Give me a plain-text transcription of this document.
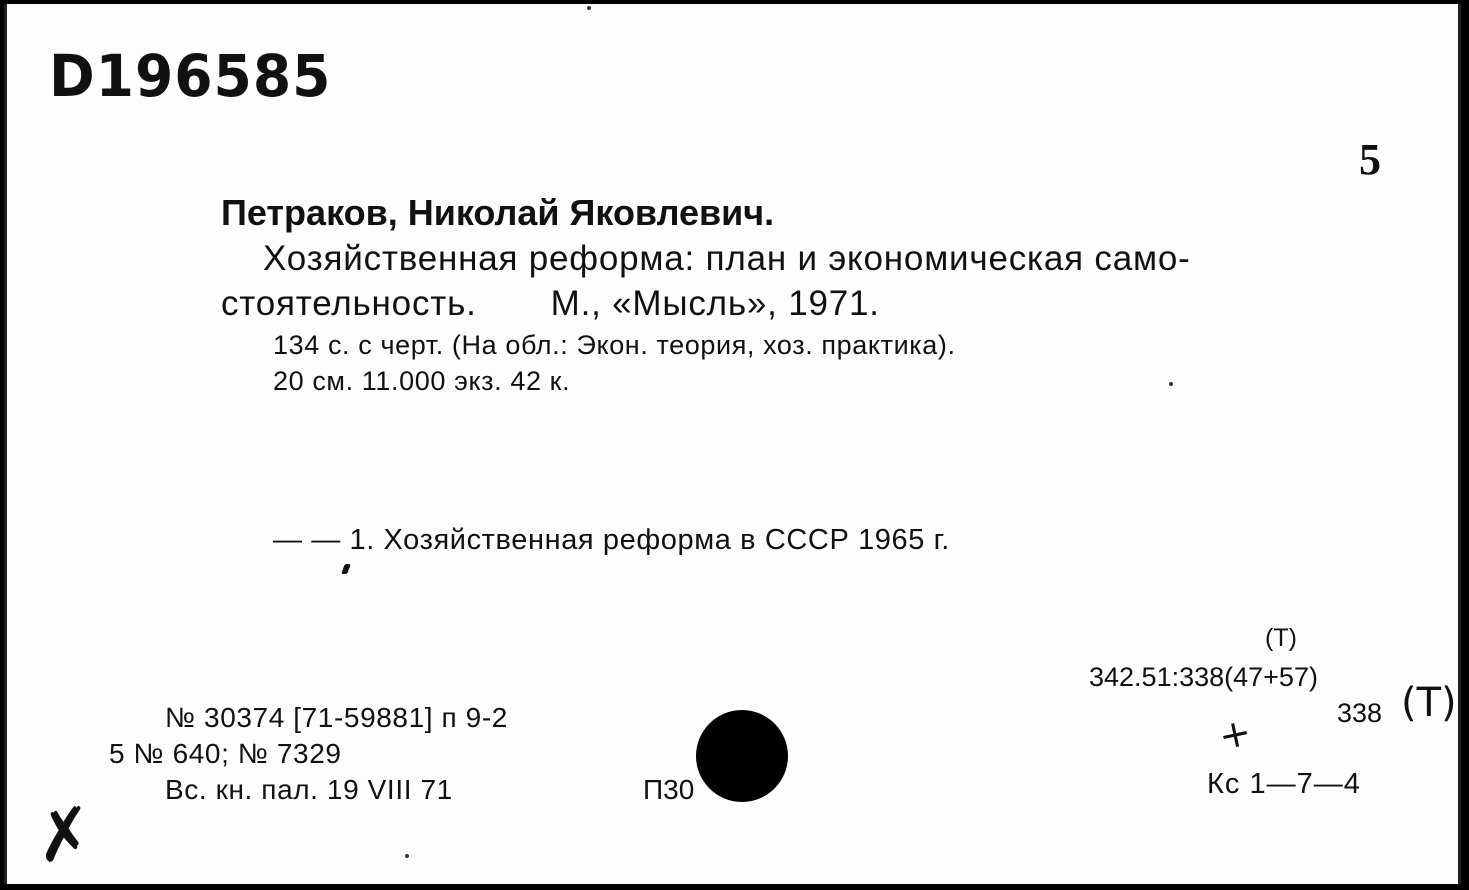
D196585
5
Петраков, Николай Яковлевич.
Хозяйственная реформа: план и экономическая само-
стоятельность. М., «Мысль», 1971.
134 с. с черт. (На обл.: Экон. теория, хоз. практика).
20 см. 11.000 экз. 42 к.
— — 1. Хозяйственная реформа в СССР 1965 г.
(Т)
342.51:338(47+57)
338 (Т)
+
Кс 1—7—4
№ 30374 [71-59881] п 9-2
5 № 640; № 7329
Вс. кн. пал. 19 VIII 71	П30
✗
